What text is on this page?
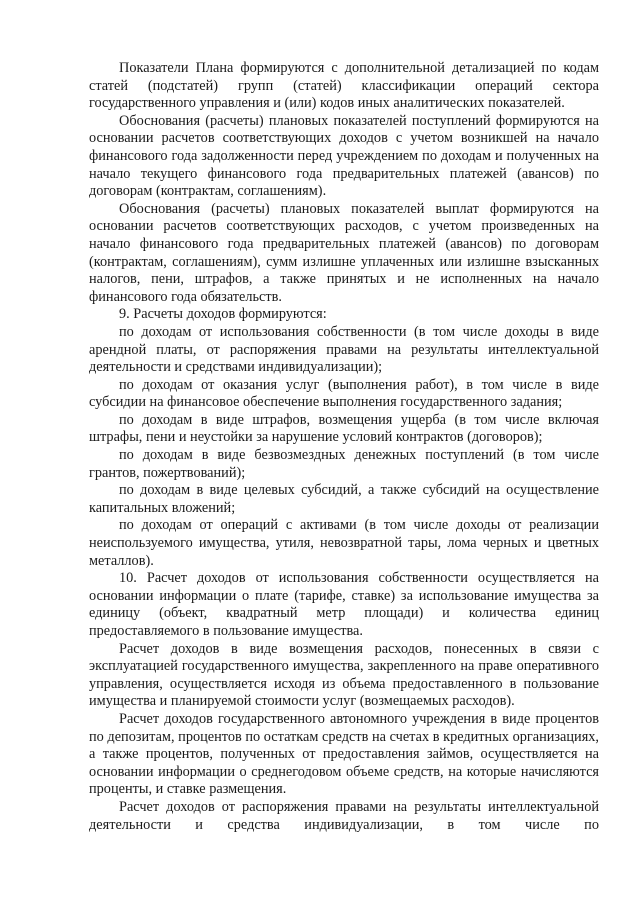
Показатели Плана формируются с дополнительной детализацией по кодам статей (подстатей) групп (статей) классификации операций сектора государственного управления и (или) кодов иных аналитических показателей.

Обоснования (расчеты) плановых показателей поступлений формируются на основании расчетов соответствующих доходов с учетом возникшей на начало финансового года задолженности перед учреждением по доходам и полученных на начало текущего финансового года предварительных платежей (авансов) по договорам (контрактам, соглашениям).

Обоснования (расчеты) плановых показателей выплат формируются на основании расчетов соответствующих расходов, с учетом произведенных на начало финансового года предварительных платежей (авансов) по договорам (контрактам, соглашениям), сумм излишне уплаченных или излишне взысканных налогов, пени, штрафов, а также принятых и не исполненных на начало финансового года обязательств.

9. Расчеты доходов формируются:

по доходам от использования собственности (в том числе доходы в виде арендной платы, от распоряжения правами на результаты интеллектуальной деятельности и средствами индивидуализации);

по доходам от оказания услуг (выполнения работ), в том числе в виде субсидии на финансовое обеспечение выполнения государственного задания;

по доходам в виде штрафов, возмещения ущерба (в том числе включая штрафы, пени и неустойки за нарушение условий контрактов (договоров);

по доходам в виде безвозмездных денежных поступлений (в том числе грантов, пожертвований);

по доходам в виде целевых субсидий, а также субсидий на осуществление капитальных вложений;

по доходам от операций с активами (в том числе доходы от реализации неиспользуемого имущества, утиля, невозвратной тары, лома черных и цветных металлов).

10. Расчет доходов от использования собственности осуществляется на основании информации о плате (тарифе, ставке) за использование имущества за единицу (объект, квадратный метр площади) и количества единиц предоставляемого в пользование имущества.

Расчет доходов в виде возмещения расходов, понесенных в связи с эксплуатацией государственного имущества, закрепленного на праве оперативного управления, осуществляется исходя из объема предоставленного в пользование имущества и планируемой стоимости услуг (возмещаемых расходов).

Расчет доходов государственного автономного учреждения в виде процентов по депозитам, процентов по остаткам средств на счетах в кредитных организациях, а также процентов, полученных от предоставления займов, осуществляется на основании информации о среднегодовом объеме средств, на которые начисляются проценты, и ставке размещения.

Расчет доходов от распоряжения правами на результаты интеллектуальной деятельности и средства индивидуализации, в том числе по
